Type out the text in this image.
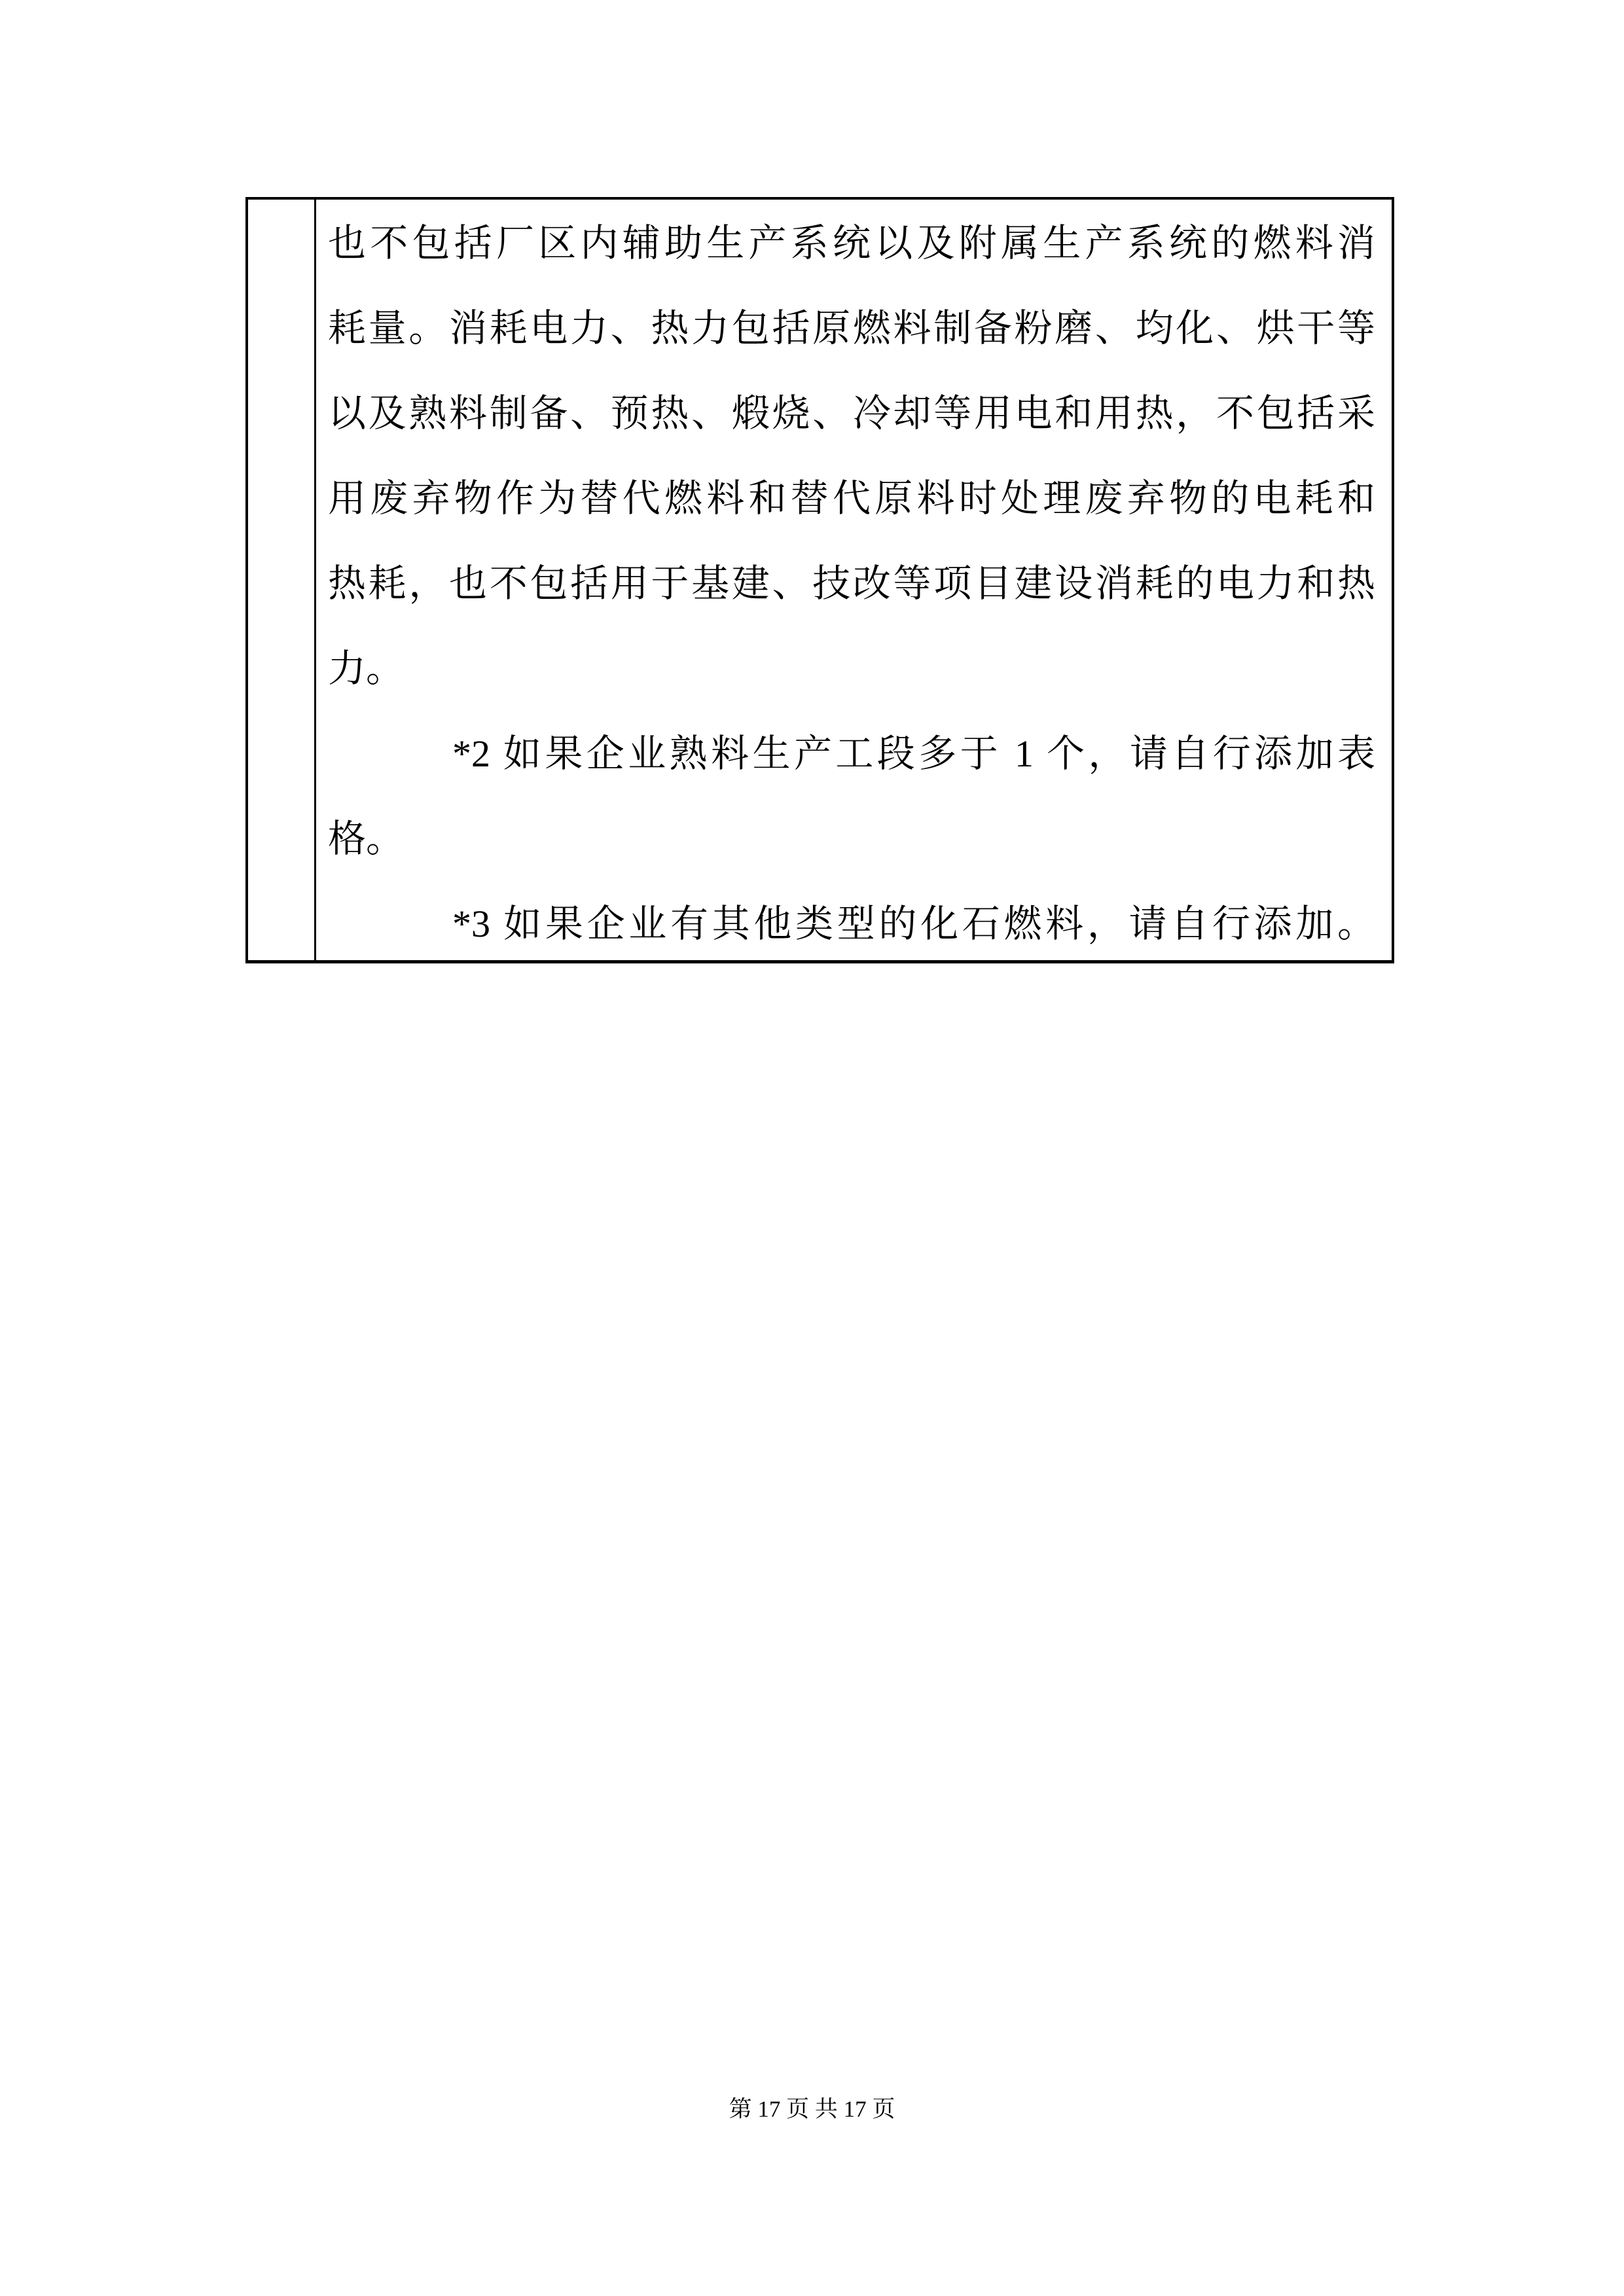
也不包括厂区内辅助生产系统以及附属生产系统的燃料消
耗量。消耗电力、热力包括原燃料制备粉磨、均化、烘干等
以及熟料制备、预热、煅烧、冷却等用电和用热，不包括采
用废弃物作为替代燃料和替代原料时处理废弃物的电耗和
热耗，也不包括用于基建、技改等项目建设消耗的电力和热
力。
*2 如果企业熟料生产工段多于 1 个，请自行添加表
格。
*3 如果企业有其他类型的化石燃料，请自行添加。
第 17 页 共 17 页
